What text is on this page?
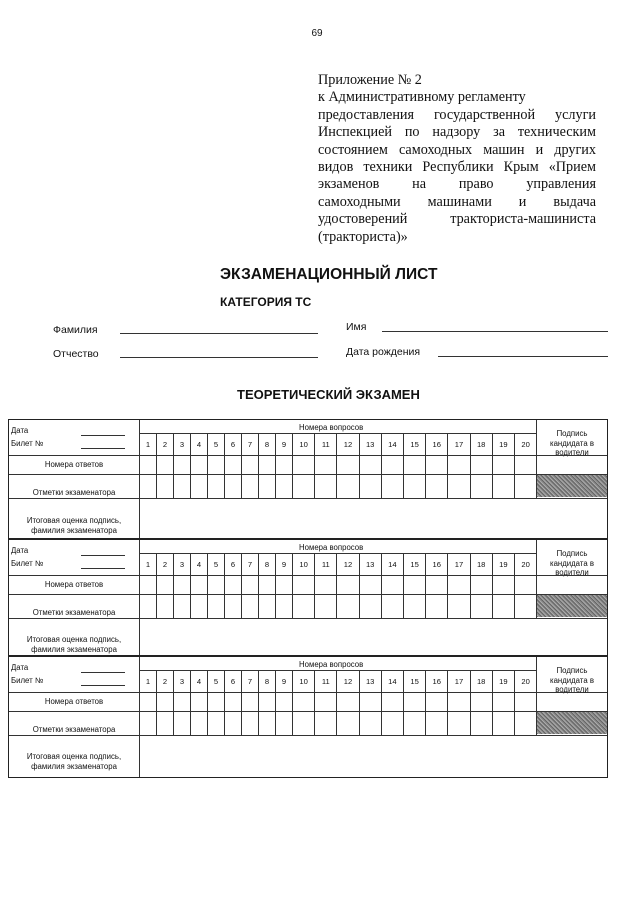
69
Приложение № 2
к Административному регламенту
предоставления государственной услуги
Инспекцией по надзору за техническим
состоянием самоходных машин и других
видов техники Республики Крым «Прием
экзаменов на право управления
самоходными машинами и выдача
удостоверений тракториста-машиниста
(тракториста)»
ЭКЗАМЕНАЦИОННЫЙ ЛИСТ
КАТЕГОРИЯ ТС
Фамилия	Имя
Отчество	Дата рождения
ТЕОРЕТИЧЕСКИЙ ЭКЗАМЕН
Дата
Билет №
Номера вопросов
Подпись кандидата в водители
1	2	3	4	5	6	7	8	9	10	11	12	13	14	15	16	17	18	19	20
Номера ответов
Отметки экзаменатора
Итоговая оценка подпись, фамилия экзаменатора
Дата
Билет №
Номера вопросов
Подпись кандидата в водители
1	2	3	4	5	6	7	8	9	10	11	12	13	14	15	16	17	18	19	20
Номера ответов
Отметки экзаменатора
Итоговая оценка подпись, фамилия экзаменатора
Дата
Билет №
Номера вопросов
Подпись кандидата в водители
1	2	3	4	5	6	7	8	9	10	11	12	13	14	15	16	17	18	19	20
Номера ответов
Отметки экзаменатора
Итоговая оценка подпись, фамилия экзаменатора
